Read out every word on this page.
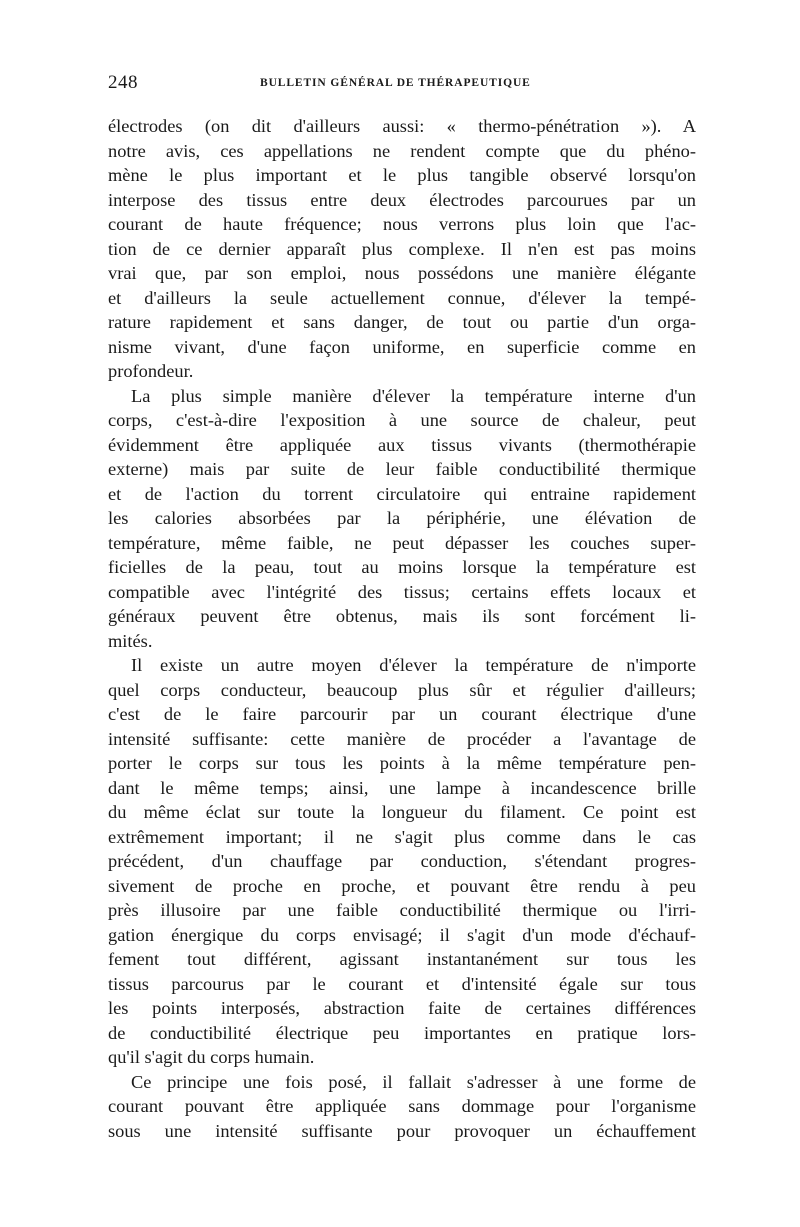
248	BULLETIN GÉNÉRAL DE THÉRAPEUTIQUE
électrodes (on dit d'ailleurs aussi: « thermo-pénétration »). A
notre avis, ces appellations ne rendent compte que du phéno-
mène le plus important et le plus tangible observé lorsqu'on
interpose des tissus entre deux électrodes parcourues par un
courant de haute fréquence; nous verrons plus loin que l'ac-
tion de ce dernier apparaît plus complexe. Il n'en est pas moins
vrai que, par son emploi, nous possédons une manière élégante
et d'ailleurs la seule actuellement connue, d'élever la tempé-
rature rapidement et sans danger, de tout ou partie d'un orga-
nisme vivant, d'une façon uniforme, en superficie comme en
profondeur.
La plus simple manière d'élever la température interne d'un
corps, c'est-à-dire l'exposition à une source de chaleur, peut
évidemment être appliquée aux tissus vivants (thermothérapie
externe) mais par suite de leur faible conductibilité thermique
et de l'action du torrent circulatoire qui entraine rapidement
les calories absorbées par la périphérie, une élévation de
température, même faible, ne peut dépasser les couches super-
ficielles de la peau, tout au moins lorsque la température est
compatible avec l'intégrité des tissus; certains effets locaux et
généraux peuvent être obtenus, mais ils sont forcément li-
mités.
Il existe un autre moyen d'élever la température de n'importe
quel corps conducteur, beaucoup plus sûr et régulier d'ailleurs;
c'est de le faire parcourir par un courant électrique d'une
intensité suffisante: cette manière de procéder a l'avantage de
porter le corps sur tous les points à la même température pen-
dant le même temps; ainsi, une lampe à incandescence brille
du même éclat sur toute la longueur du filament. Ce point est
extrêmement important; il ne s'agit plus comme dans le cas
précédent, d'un chauffage par conduction, s'étendant progres-
sivement de proche en proche, et pouvant être rendu à peu
près illusoire par une faible conductibilité thermique ou l'irri-
gation énergique du corps envisagé; il s'agit d'un mode d'échauf-
fement tout différent, agissant instantanément sur tous les
tissus parcourus par le courant et d'intensité égale sur tous
les points interposés, abstraction faite de certaines différences
de conductibilité électrique peu importantes en pratique lors-
qu'il s'agit du corps humain.
Ce principe une fois posé, il fallait s'adresser à une forme de
courant pouvant être appliquée sans dommage pour l'organisme
sous une intensité suffisante pour provoquer un échauffement
